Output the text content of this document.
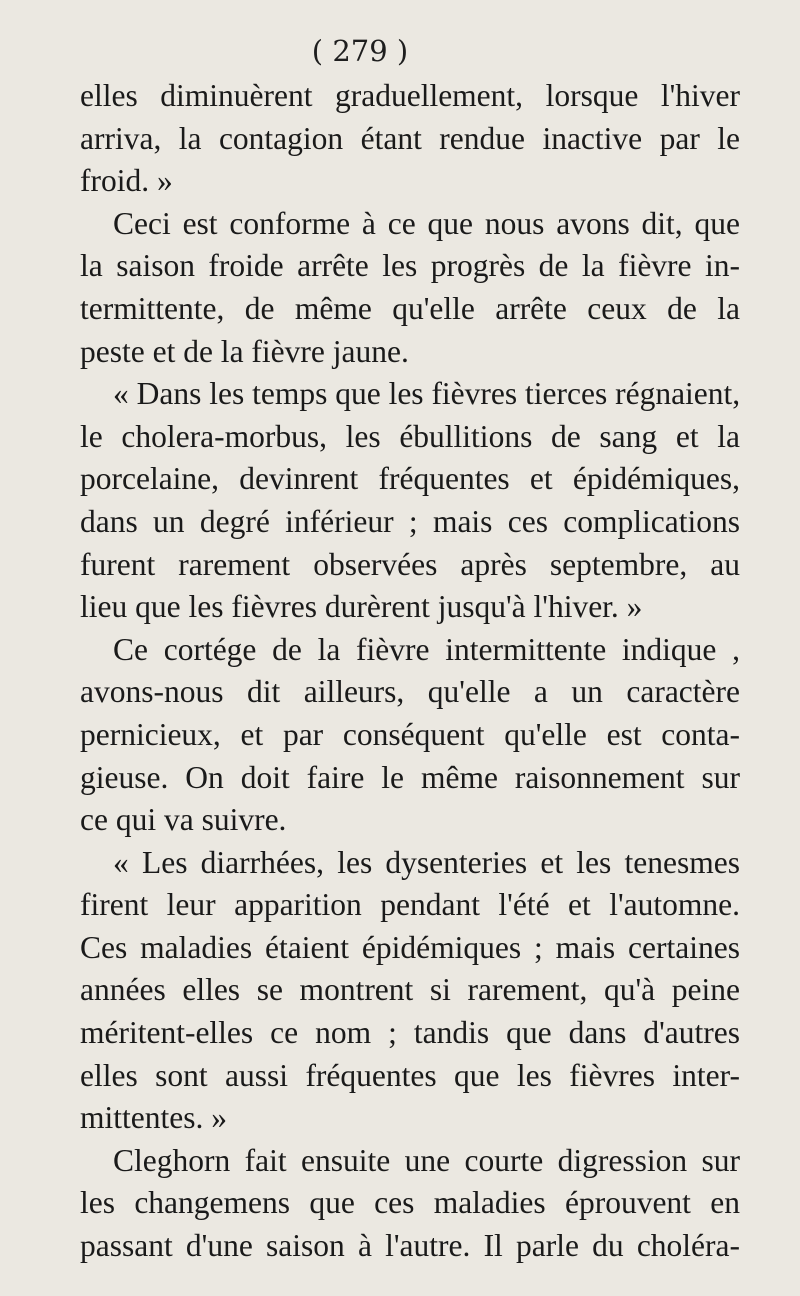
( 279 )
elles diminuèrent graduellement, lorsque l'hiver
arriva, la contagion étant rendue inactive par le
froid. »
Ceci est conforme à ce que nous avons dit, que
la saison froide arrête les progrès de la fièvre in-
termittente, de même qu'elle arrête ceux de la
peste et de la fièvre jaune.
« Dans les temps que les fièvres tierces régnaient,
le cholera-morbus, les ébullitions de sang et la
porcelaine, devinrent fréquentes et épidémiques,
dans un degré inférieur ; mais ces complications
furent rarement observées après septembre, au
lieu que les fièvres durèrent jusqu'à l'hiver. »
Ce cortége de la fièvre intermittente indique ,
avons-nous dit ailleurs, qu'elle a un caractère
pernicieux, et par conséquent qu'elle est conta-
gieuse. On doit faire le même raisonnement sur
ce qui va suivre.
« Les diarrhées, les dysenteries et les tenesmes
firent leur apparition pendant l'été et l'automne.
Ces maladies étaient épidémiques ; mais certaines
années elles se montrent si rarement, qu'à peine
méritent-elles ce nom ; tandis que dans d'autres
elles sont aussi fréquentes que les fièvres inter-
mittentes. »
Cleghorn fait ensuite une courte digression sur
les changemens que ces maladies éprouvent en
passant d'une saison à l'autre. Il parle du choléra-
